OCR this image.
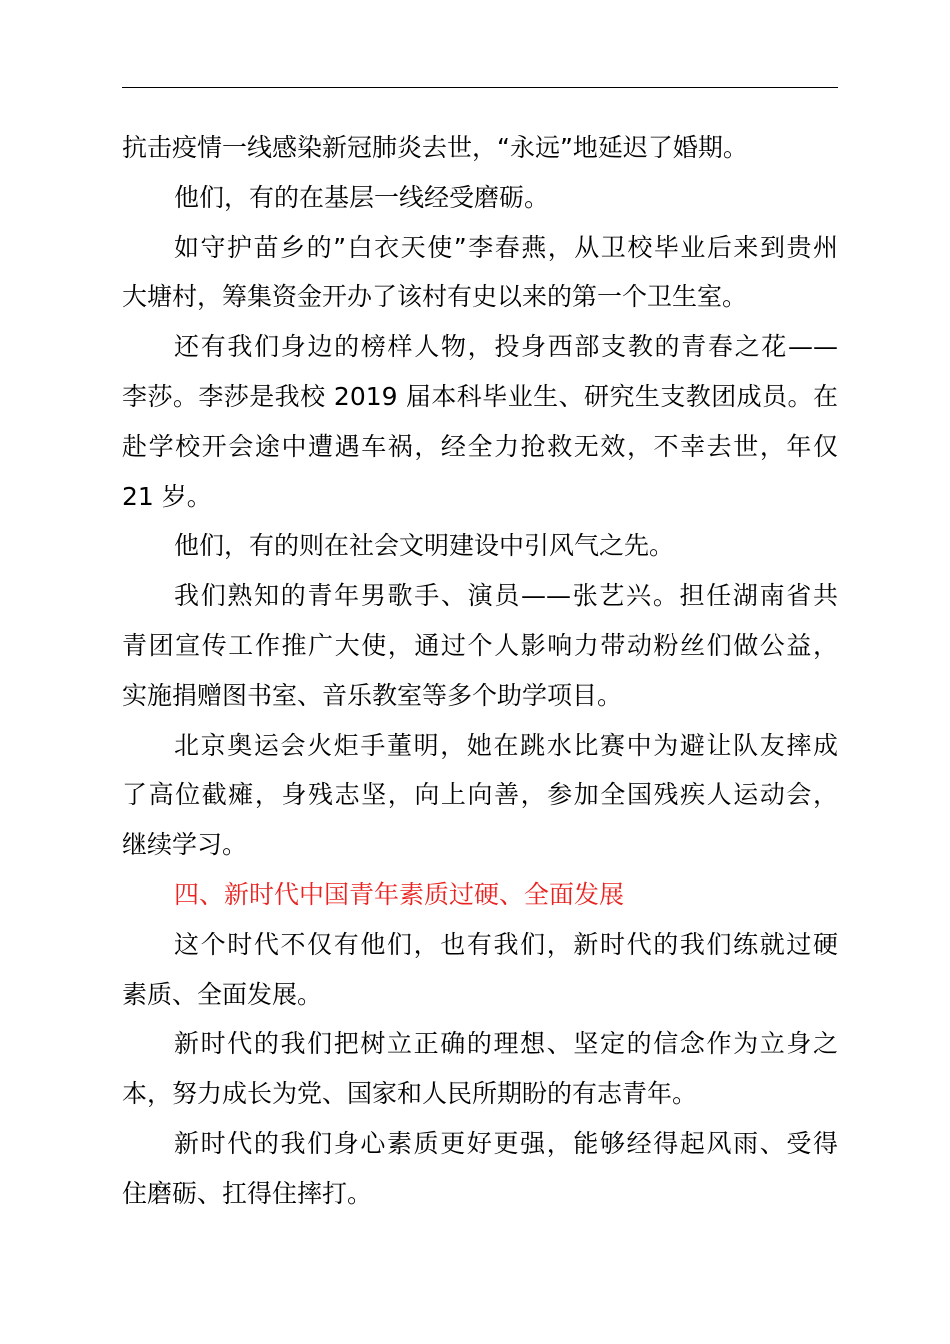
抗击疫情一线感染新冠肺炎去世，“永远”地延迟了婚期。

他们，有的在基层一线经受磨砺。

如守护苗乡的”白衣天使”李春燕，从卫校毕业后来到贵州
大塘村，筹集资金开办了该村有史以来的第一个卫生室。

还有我们身边的榜样人物，投身西部支教的青春之花——
李莎。李莎是我校 2019 届本科毕业生、研究生支教团成员。在
赴学校开会途中遭遇车祸，经全力抢救无效，不幸去世，年仅
21 岁。

他们，有的则在社会文明建设中引风气之先。

我们熟知的青年男歌手、演员——张艺兴。担任湖南省共
青团宣传工作推广大使，通过个人影响力带动粉丝们做公益，
实施捐赠图书室、音乐教室等多个助学项目。

北京奥运会火炬手董明，她在跳水比赛中为避让队友摔成
了高位截瘫，身残志坚，向上向善，参加全国残疾人运动会，
继续学习。

四、新时代中国青年素质过硬、全面发展

这个时代不仅有他们，也有我们，新时代的我们练就过硬
素质、全面发展。

新时代的我们把树立正确的理想、坚定的信念作为立身之
本，努力成长为党、国家和人民所期盼的有志青年。

新时代的我们身心素质更好更强，能够经得起风雨、受得
住磨砺、扛得住摔打。
